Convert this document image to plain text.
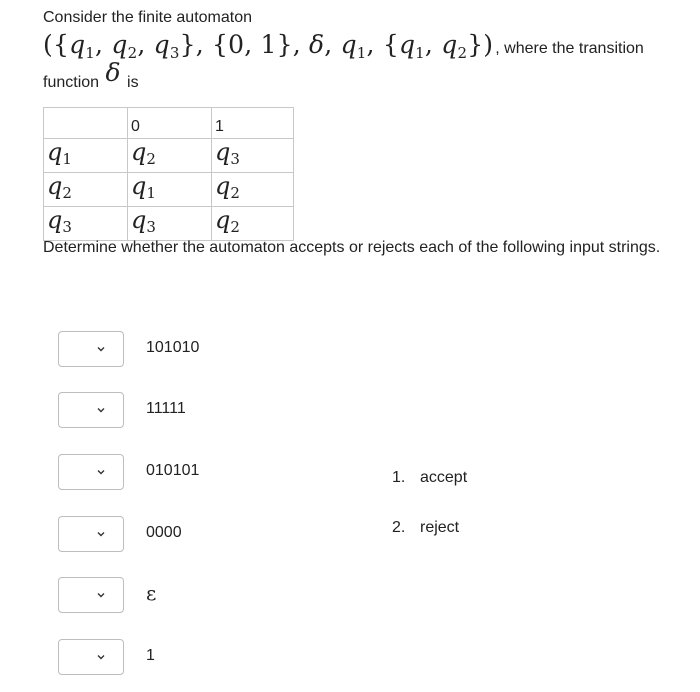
Consider the finite automaton
({$q_1$, $q_2$, $q_3$}, {0, 1}, δ, $q_1$, {$q_1$, $q_2$}) , where the transition
function δ is
	0	1
$q_1$	$q_2$	$q_3$
$q_2$	$q_1$	$q_2$
$q_3$	$q_3$	$q_2$
Determine whether the automaton accepts or rejects each of the following input strings.
101010
11111
010101
0000
ε
1
1. accept
2. reject
